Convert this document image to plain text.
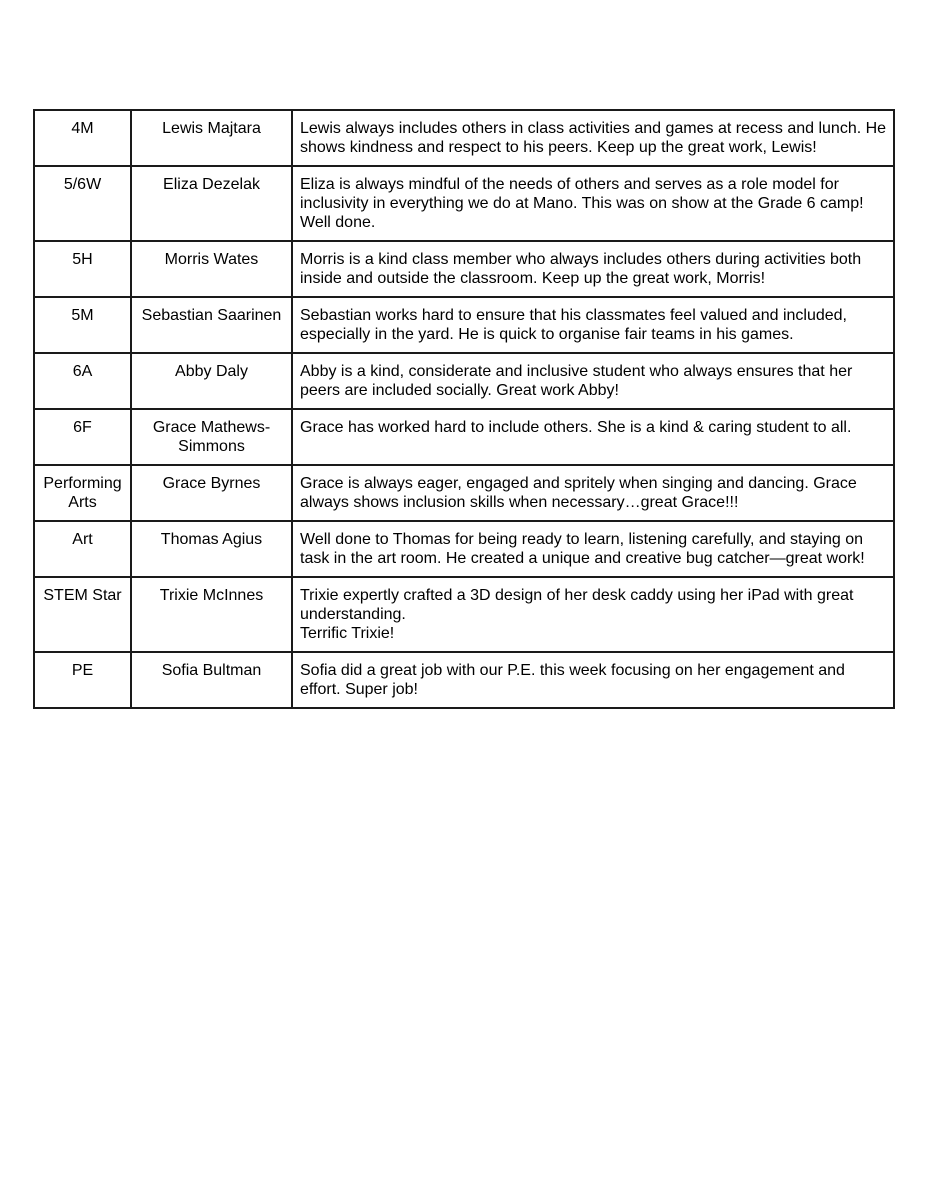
4M	Lewis Majtara	Lewis always includes others in class activities and games at recess and lunch. He shows kindness and respect to his peers. Keep up the great work, Lewis!
5/6W	Eliza Dezelak	Eliza is always mindful of the needs of others and serves as a role model for inclusivity in everything we do at Mano. This was on show at the Grade 6 camp! Well done.
5H	Morris Wates	Morris is a kind class member who always includes others during activities both inside and outside the classroom. Keep up the great work, Morris!
5M	Sebastian Saarinen	Sebastian works hard to ensure that his classmates feel valued and included, especially in the yard. He is quick to organise fair teams in his games.
6A	Abby Daly	Abby is a kind, considerate and inclusive student who always ensures that her peers are included socially. Great work Abby!
6F	Grace Mathews-Simmons	Grace has worked hard to include others. She is a kind & caring student to all.
Performing Arts	Grace Byrnes	Grace is always eager, engaged and spritely when singing and dancing. Grace always shows inclusion skills when necessary…great Grace!!!
Art	Thomas Agius	Well done to Thomas for being ready to learn, listening carefully, and staying on task in the art room. He created a unique and creative bug catcher—great work!
STEM Star	Trixie McInnes	Trixie expertly crafted a 3D design of her desk caddy using her iPad with great understanding.
Terrific Trixie!
PE	Sofia Bultman	Sofia did a great job with our P.E. this week focusing on her engagement and effort. Super job!
